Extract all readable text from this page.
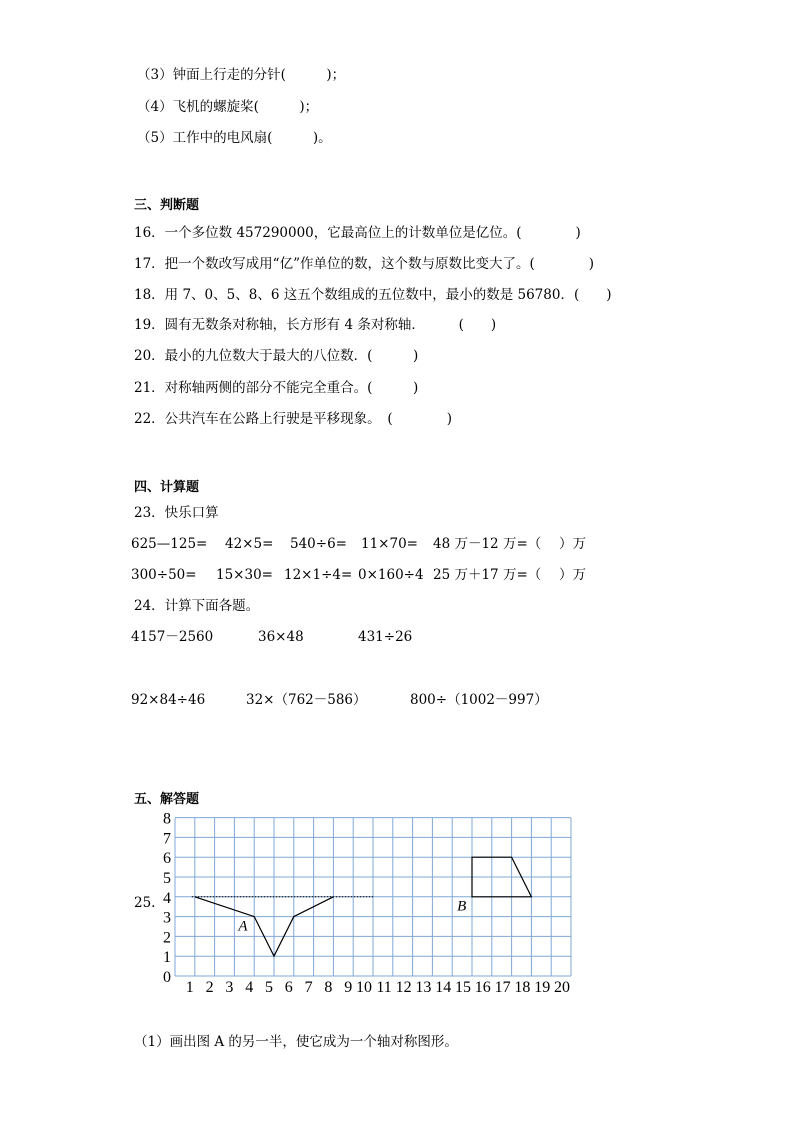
（3）钟面上行走的分针(　　　)；
（4）飞机的螺旋桨(　　　)；
（5）工作中的电风扇(　　　)。
三、判断题
16．一个多位数 457290000，它最高位上的计数单位是亿位。(　　　　)
17．把一个数改写成用“亿”作单位的数，这个数与原数比变大了。(　　　　)
18．用 7、0、5、8、6 这五个数组成的五位数中，最小的数是 56780．(　　)
19．圆有无数条对称轴，长方形有 4 条对称轴．　　　(　　)
20．最小的九位数大于最大的八位数．(　　　)
21．对称轴两侧的部分不能完全重合。(　　　)
22．公共汽车在公路上行驶是平移现象。　(　　　　)
四、计算题
23．快乐口算
625—125= 42×5= 540÷6= 11×70= 48 万－12 万=（　 ）万
300÷50= 15×30= 12×1÷4= 0×160÷4 25 万＋17 万=（　 ）万
24．计算下面各题。
4157－2560	36×48	431÷26
92×84÷46	32×（762－586）	800÷（1002－997）
五、解答题
25.
0
1
2
3
4
5
6
7
8
1 2 3 4 5 6 7 8 9 10 11 12 13 14 15 16 17 18 19 20
A
B
（1）画出图 A 的另一半，使它成为一个轴对称图形。
